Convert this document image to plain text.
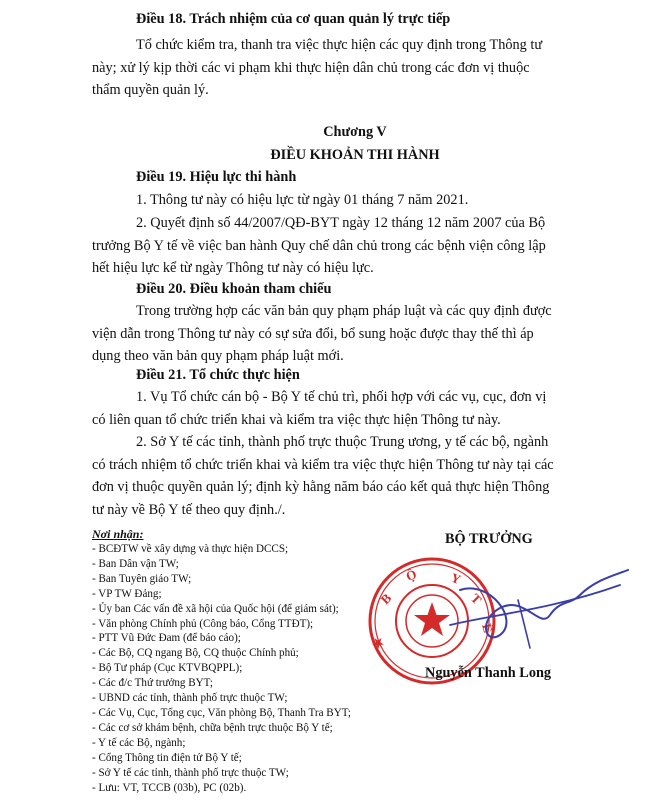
Điều 18. Trách nhiệm của cơ quan quản lý trực tiếp

Tổ chức kiểm tra, thanh tra việc thực hiện các quy định trong Thông tư
này; xử lý kịp thời các vi phạm khi thực hiện dân chủ trong các đơn vị thuộc
thẩm quyền quản lý.

Chương V

ĐIỀU KHOẢN THI HÀNH

Điều 19. Hiệu lực thi hành

1. Thông tư này có hiệu lực từ ngày 01 tháng 7 năm 2021.

2. Quyết định số 44/2007/QĐ-BYT ngày 12 tháng 12 năm 2007 của Bộ
trưởng Bộ Y tế về việc ban hành Quy chế dân chủ trong các bệnh viện công lập
hết hiệu lực kể từ ngày Thông tư này có hiệu lực.

Điều 20. Điều khoản tham chiếu

Trong trường hợp các văn bản quy phạm pháp luật và các quy định được
viện dẫn trong Thông tư này có sự sửa đổi, bổ sung hoặc được thay thế thì áp
dụng theo văn bản quy phạm pháp luật mới.

Điều 21. Tổ chức thực hiện

1. Vụ Tổ chức cán bộ - Bộ Y tế chủ trì, phối hợp với các vụ, cục, đơn vị
có liên quan tổ chức triển khai và kiểm tra việc thực hiện Thông tư này.

2. Sở Y tế các tỉnh, thành phố trực thuộc Trung ương, y tế các bộ, ngành
có trách nhiệm tổ chức triển khai và kiểm tra việc thực hiện Thông tư này tại các
đơn vị thuộc quyền quản lý; định kỳ hằng năm báo cáo kết quả thực hiện Thông
tư này về Bộ Y tế theo quy định./.

Nơi nhận:
- BCĐTW về xây dựng và thực hiện DCCS;
- Ban Dân vận TW;
- Ban Tuyên giáo TW;
- VP TW Đảng;
- Ủy ban Các vấn đề xã hội của Quốc hội (để giám sát);
- Văn phòng Chính phủ (Công báo, Cổng TTĐT);
- PTT Vũ Đức Đam (để báo cáo);
- Các Bộ, CQ ngang Bộ, CQ thuộc Chính phủ;
- Bộ Tư pháp (Cục KTVBQPPL);
- Các đ/c Thứ trưởng BYT;
- UBND các tỉnh, thành phố trực thuộc TW;
- Các Vụ, Cục, Tổng cục, Văn phòng Bộ, Thanh Tra BYT;
- Các cơ sở khám bệnh, chữa bệnh trực thuộc Bộ Y tế;
- Y tế các Bộ, ngành;
- Cổng Thông tin điện tử Bộ Y tế;
- Sở Y tế các tỉnh, thành phố trực thuộc TW;
- Lưu: VT, TCCB (03b), PC (02b).

BỘ TRƯỞNG

B
Ộ Y
T
Ế
★

Nguyễn Thanh Long
